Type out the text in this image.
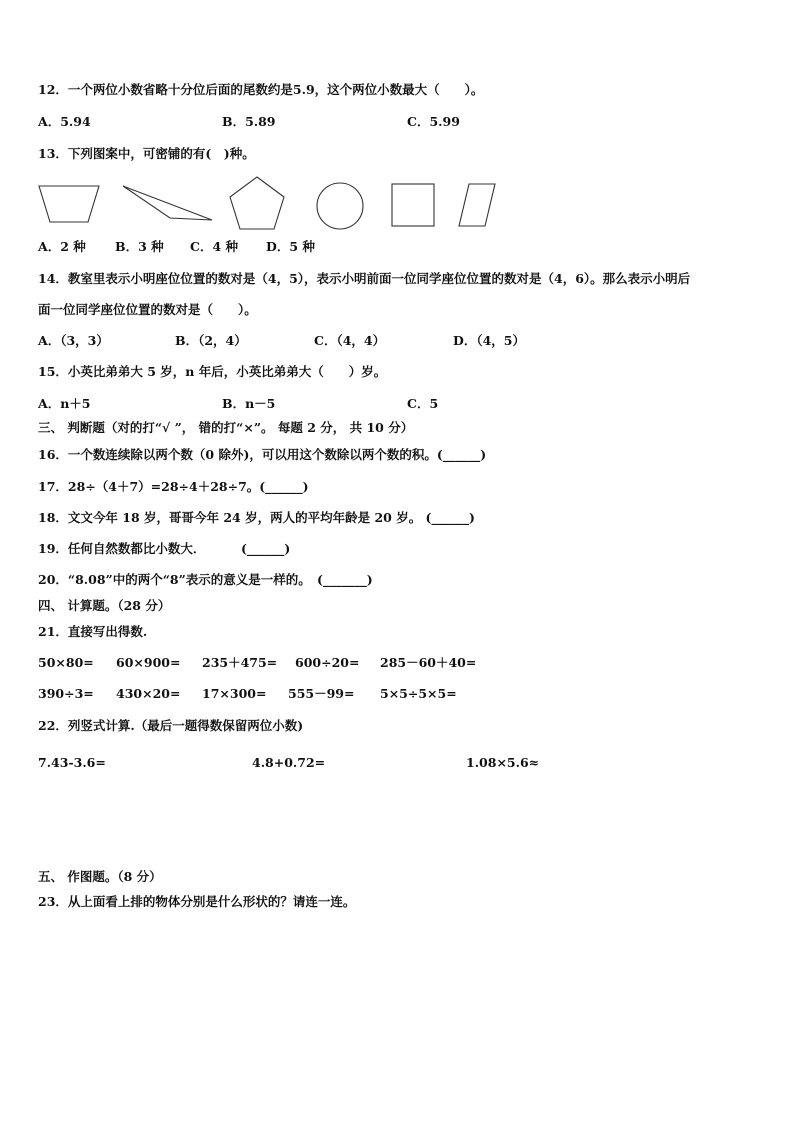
12．一个两位小数省略十分位后面的尾数约是5.9，这个两位小数最大（　　）。
A．5.94	B．5.89	C．5.99
13．下列图案中，可密铺的有(　)种。
A．2 种 B．3 种 C．4 种 D．5 种
14．教室里表示小明座位位置的数对是（4，5），表示小明前面一位同学座位位置的数对是（4，6）。那么表示小明后
面一位同学座位位置的数对是（　　）。
A．（3，3）	B．（2，4）	C．（4，4）	D．（4，5）
15．小英比弟弟大 5 岁，n 年后，小英比弟弟大（　　）岁。
A．n＋5	B．n－5	C．5
三、 判断题（对的打“√ ”， 错的打“×”。 每题 2 分， 共 10 分）
16．一个数连续除以两个数（0 除外)，可以用这个数除以两个数的积。(______)
17．28÷（4＋7）=28÷4＋28÷7。(______)
18．文文今年 18 岁，哥哥今年 24 岁，两人的平均年龄是 20 岁。 (______)
19．任何自然数都比小数大．　　　 (______)
20．“8.08”中的两个“8”表示的意义是一样的。　(_______)
四、 计算题。（28 分）
21．直接写出得数.
50×80= 60×900= 235＋475= 600÷20= 285－60＋40=
390÷3= 430×20= 17×300= 555－99= 5×5÷5×5=
22．列竖式计算.（最后一题得数保留两位小数)
7.43-3.6=	4.8+0.72=	1.08×5.6≈
五、 作图题。（8 分）
23．从上面看上排的物体分别是什么形状的？请连一连。
